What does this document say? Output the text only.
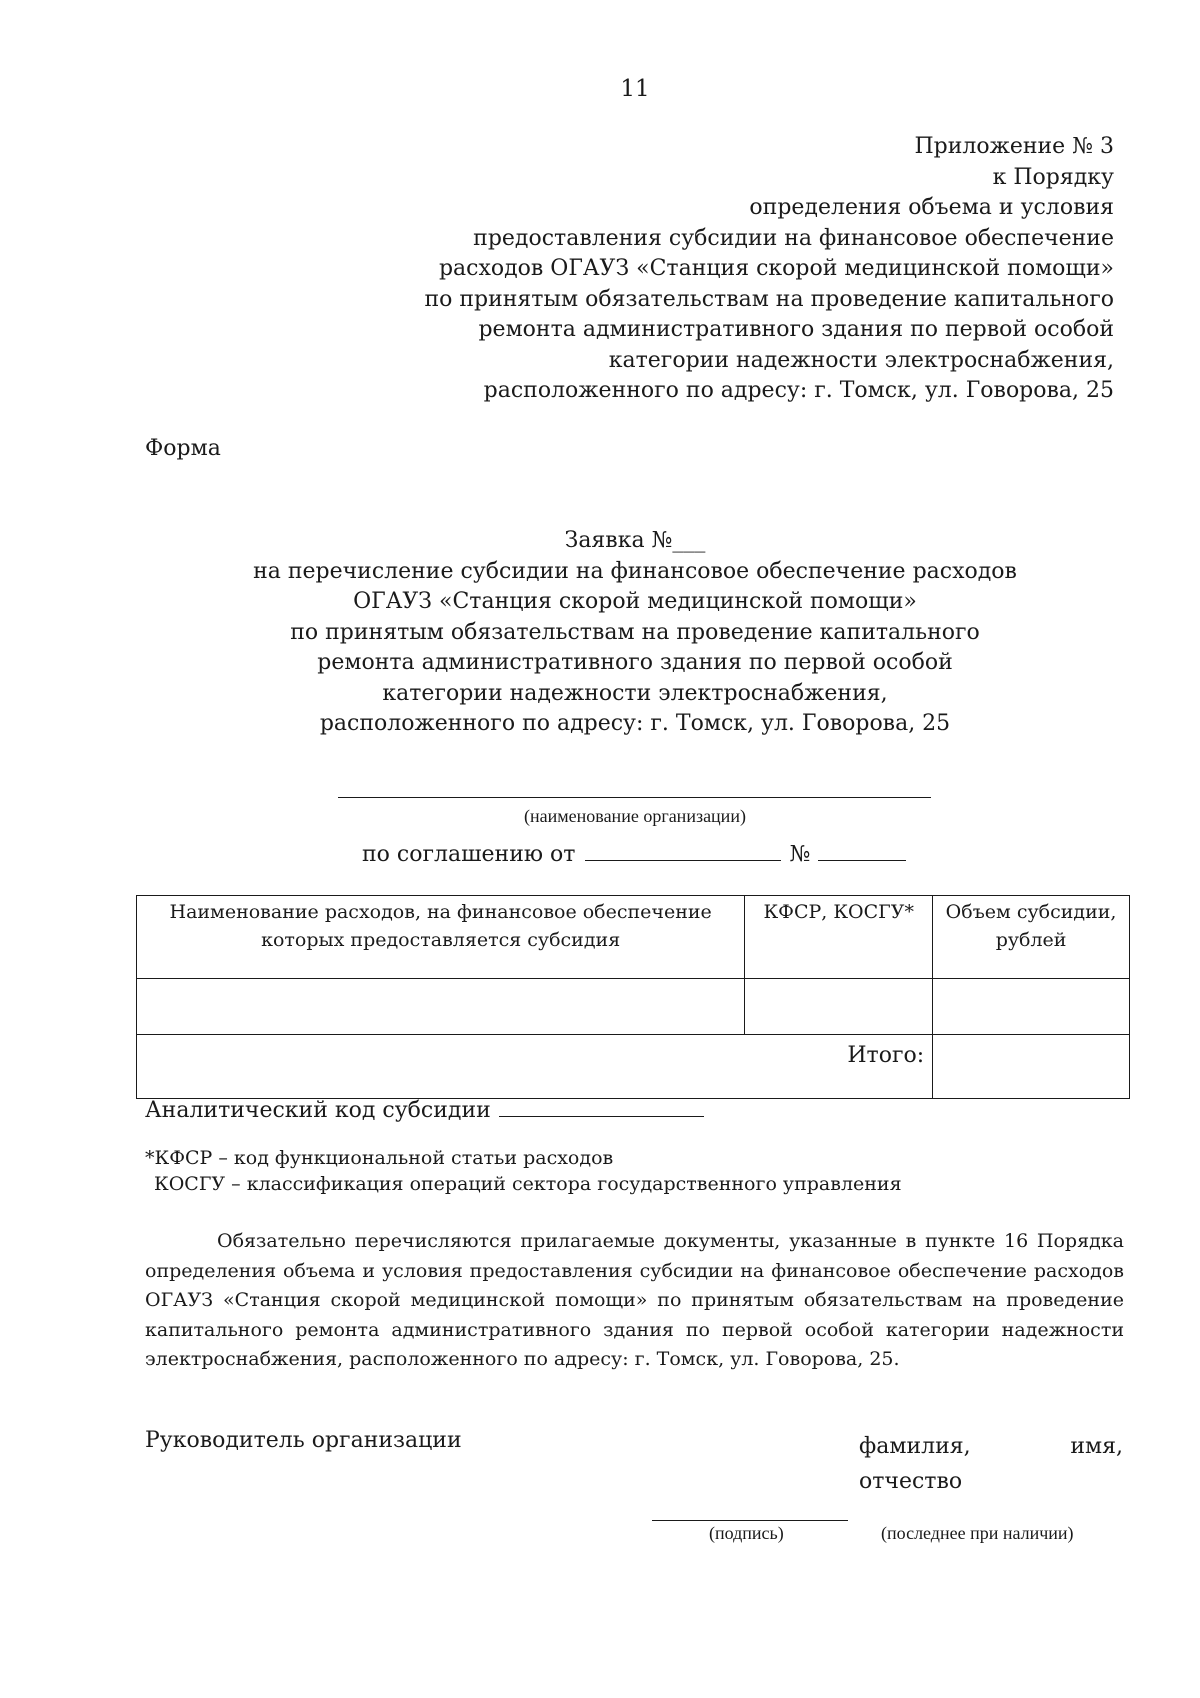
11
Приложение № 3
к Порядку
определения объема и условия
предоставления субсидии на финансовое обеспечение
расходов ОГАУЗ «Станция скорой медицинской помощи»
по принятым обязательствам на проведение капитального
ремонта административного здания по первой особой
категории надежности электроснабжения,
расположенного по адресу: г. Томск, ул. Говорова, 25
Форма
Заявка №___
на перечисление субсидии на финансовое обеспечение расходов
ОГАУЗ «Станция скорой медицинской помощи»
по принятым обязательствам на проведение капитального
ремонта административного здания по первой особой
категории надежности электроснабжения,
расположенного по адресу: г. Томск, ул. Говорова, 25
(наименование организации)
по соглашению от	№
Наименование расходов, на финансовое обеспечение которых предоставляется субсидия	КФСР, КОСГУ*	Объем субсидии, рублей

Итого:		
Аналитический код субсидии
*КФСР – код функциональной статьи расходов
КОСГУ – классификация операций сектора государственного управления
Обязательно перечисляются прилагаемые документы, указанные в пункте 16 Порядка определения объема и условия предоставления субсидии на финансовое обеспечение расходов ОГАУЗ «Станция скорой медицинской помощи» по принятым обязательствам на проведение капитального ремонта административного здания по первой особой категории надежности электроснабжения, расположенного по адресу: г. Томск, ул. Говорова, 25.
Руководитель организации	фамилия, имя, отчество
(подпись)	(последнее при наличии)
